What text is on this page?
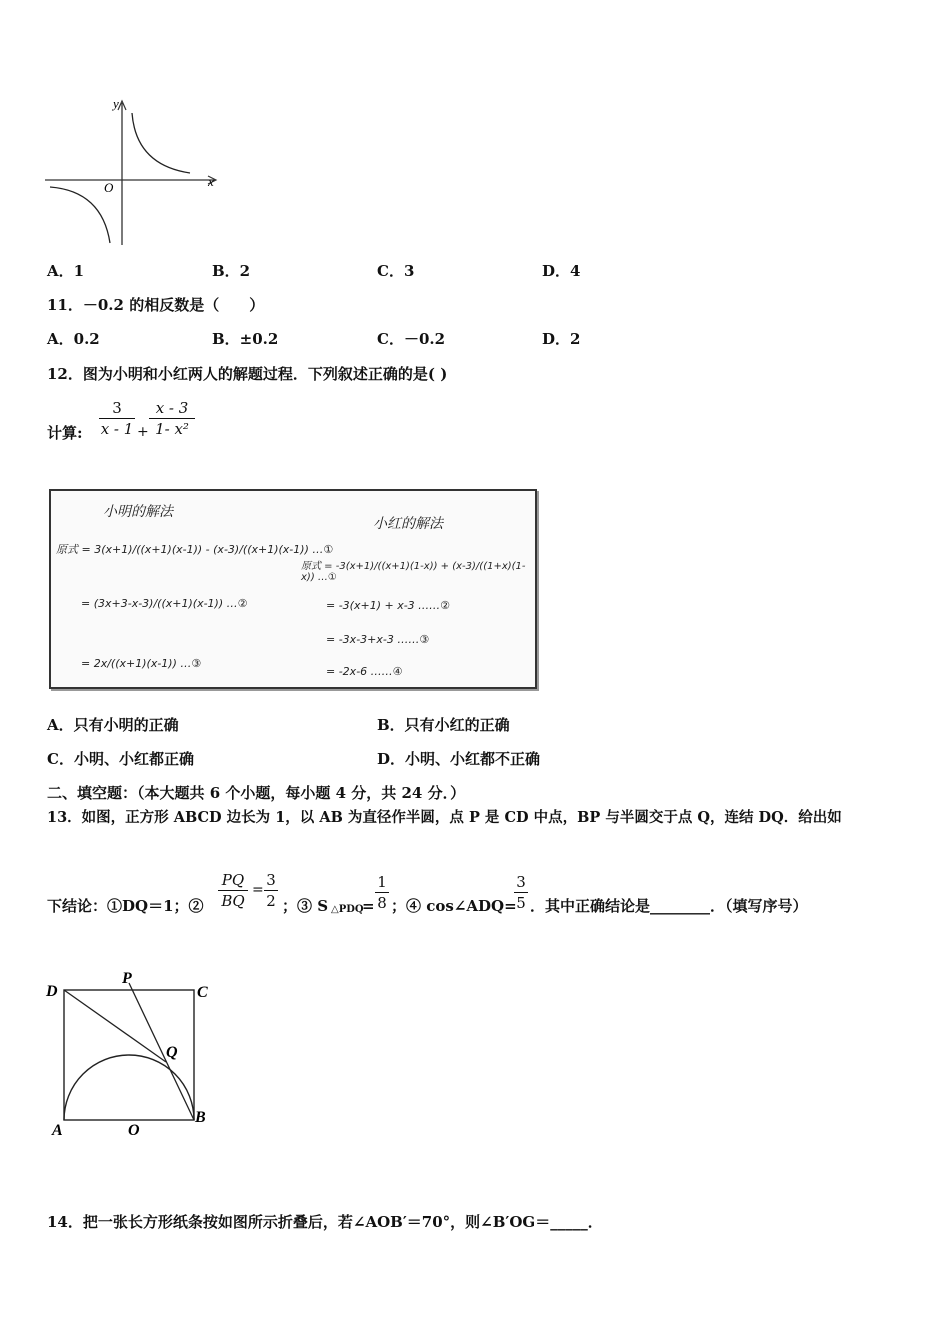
x
y
O
A．1	B．2	C．3	D．4
11．－0.2 的相反数是（　　）
A．0.2	B．±0.2	C．－0.2	D．2
12．图为小明和小红两人的解题过程．下列叙述正确的是( )
计算:
3
x - 1 +
x - 3
1- x²
小明的解法
小红的解法
原式 = 3(x+1)/((x+1)(x-1)) - (x-3)/((x+1)(x-1)) …①
= (3x+3-x-3)/((x+1)(x-1)) …②
= 2x/((x+1)(x-1)) …③
原式 = -3(x+1)/((x+1)(1-x)) + (x-3)/((1+x)(1-x)) …①
= -3(x+1) + x-3 ……②
= -3x-3+x-3 ……③
= -2x-6 ……④
A．只有小明的正确	B．只有小红的正确
C．小明、小红都正确	D．小明、小红都不正确
二、填空题：（本大题共 6 个小题，每小题 4 分，共 24 分．）
13．如图，正方形 ABCD 边长为 1，以 AB 为直径作半圆，点 P 是 CD 中点，BP 与半圆交于点 Q，连结 DQ．给出如
下结论：①DQ＝1；②
PQ
BQ
=
3
2 ；③ S △PDQ
=
1
8 ；④ cos∠ADQ=
3
5 ．其中正确结论是________．（填写序号）
D
P
C
Q
A	O
B
14．把一张长方形纸条按如图所示折叠后，若∠AOB′＝70°，则∠B′OG＝_____．
